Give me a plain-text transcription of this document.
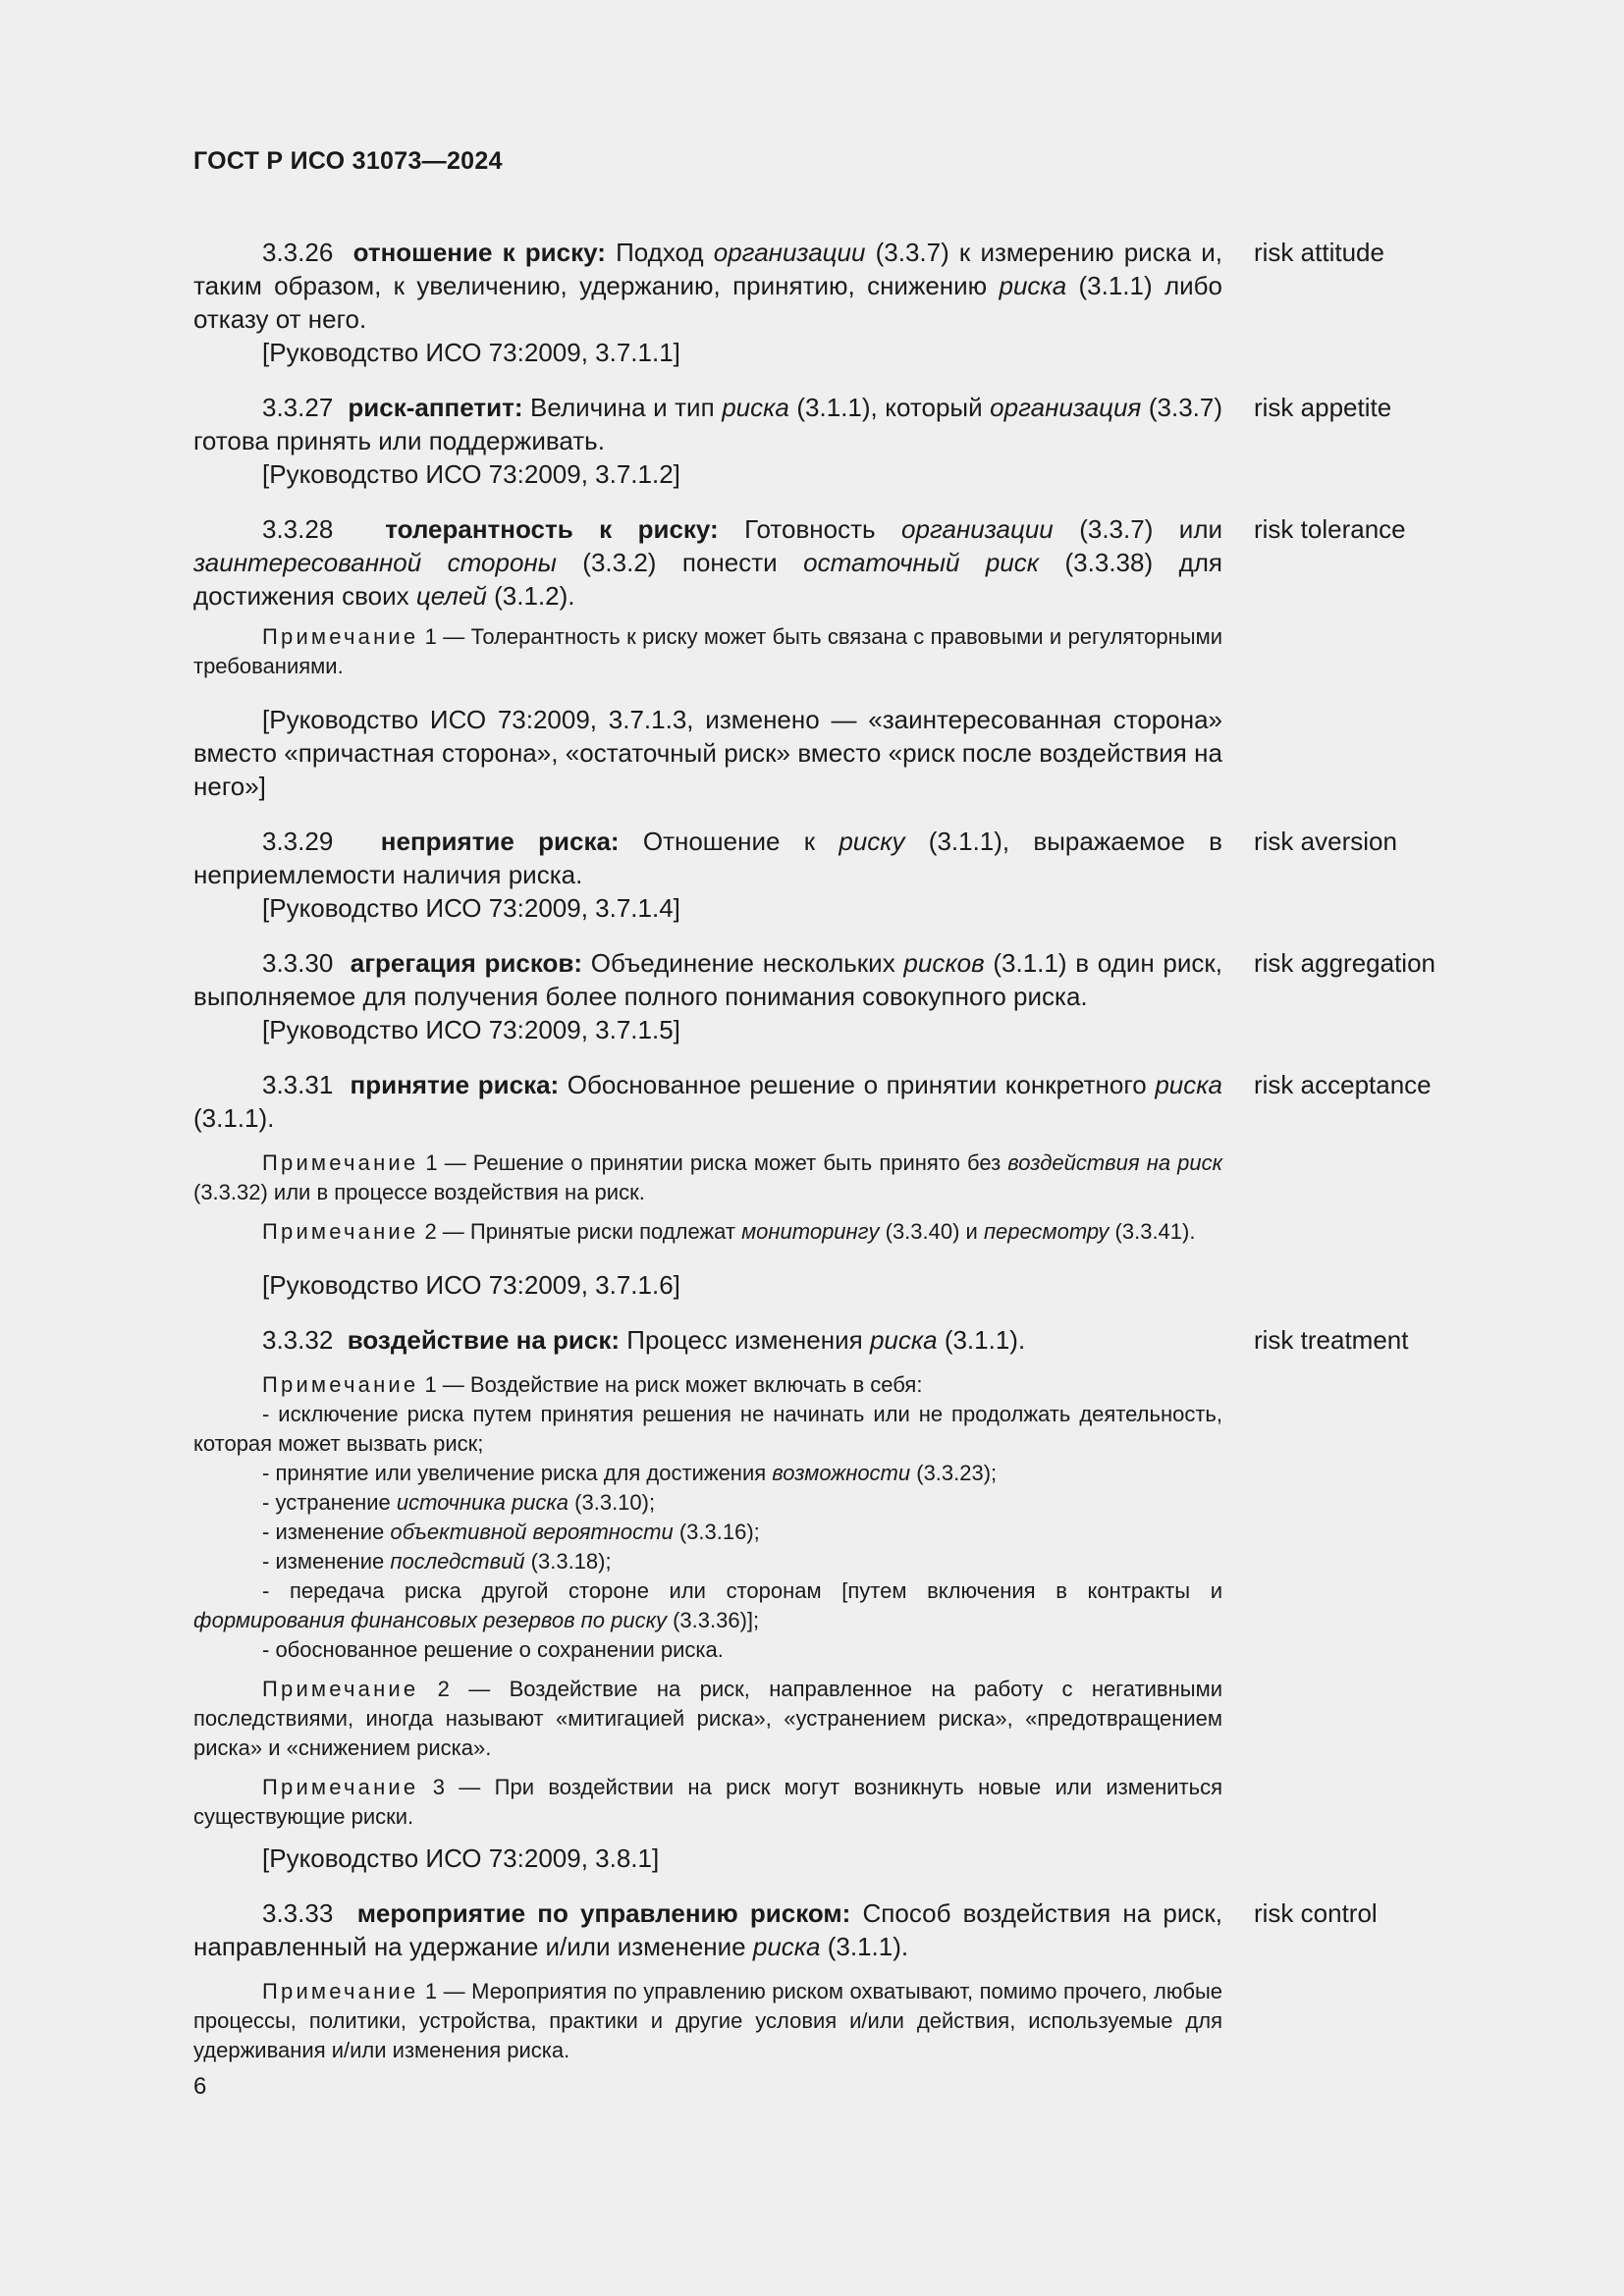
ГОСТ Р ИСО 31073—2024

3.3.26 отношение к риску: Подход организации (3.3.7) к измерению риска и, таким образом, к увеличению, удержанию, принятию, снижению риска (3.1.1) либо отказу от него.

[Руководство ИСО 73:2009, 3.7.1.1]

risk attitude

3.3.27 риск-аппетит: Величина и тип риска (3.1.1), который организация (3.3.7) готова принять или поддерживать.

[Руководство ИСО 73:2009, 3.7.1.2]

risk appetite

3.3.28 толерантность к риску: Готовность организации (3.3.7) или заинтересованной стороны (3.3.2) понести остаточный риск (3.3.38) для достижения своих целей (3.1.2).

Примечание 1 — Толерантность к риску может быть связана с правовыми и регуляторными требованиями.

[Руководство ИСО 73:2009, 3.7.1.3, изменено — «заинтересованная сторона» вместо «причастная сторона», «остаточный риск» вместо «риск после воздействия на него»]

risk tolerance

3.3.29 неприятие риска: Отношение к риску (3.1.1), выражаемое в неприемлемости наличия риска.

[Руководство ИСО 73:2009, 3.7.1.4]

risk aversion

3.3.30 агрегация рисков: Объединение нескольких рисков (3.1.1) в один риск, выполняемое для получения более полного понимания совокупного риска.

[Руководство ИСО 73:2009, 3.7.1.5]

risk aggregation

3.3.31 принятие риска: Обоснованное решение о принятии конкретного риска (3.1.1).

Примечание 1 — Решение о принятии риска может быть принято без воздействия на риск (3.3.32) или в процессе воздействия на риск.

Примечание 2 — Принятые риски подлежат мониторингу (3.3.40) и пересмотру (3.3.41).

[Руководство ИСО 73:2009, 3.7.1.6]

risk acceptance

3.3.32 воздействие на риск: Процесс изменения риска (3.1.1).

Примечание 1 — Воздействие на риск может включать в себя:

- исключение риска путем принятия решения не начинать или не продолжать деятельность, которая может вызвать риск;

- принятие или увеличение риска для достижения возможности (3.3.23);

- устранение источника риска (3.3.10);

- изменение объективной вероятности (3.3.16);

- изменение последствий (3.3.18);

- передача риска другой стороне или сторонам [путем включения в контракты и формирования финансовых резервов по риску (3.3.36)];

- обоснованное решение о сохранении риска.

Примечание 2 — Воздействие на риск, направленное на работу с негативными последствиями, иногда называют «митигацией риска», «устранением риска», «предотвращением риска» и «снижением риска».

Примечание 3 — При воздействии на риск могут возникнуть новые или измениться существующие риски.

[Руководство ИСО 73:2009, 3.8.1]

risk treatment

3.3.33 мероприятие по управлению риском: Способ воздействия на риск, направленный на удержание и/или изменение риска (3.1.1).

Примечание 1 — Мероприятия по управлению риском охватывают, помимо прочего, любые процессы, политики, устройства, практики и другие условия и/или действия, используемые для удерживания и/или изменения риска.

risk control
6
